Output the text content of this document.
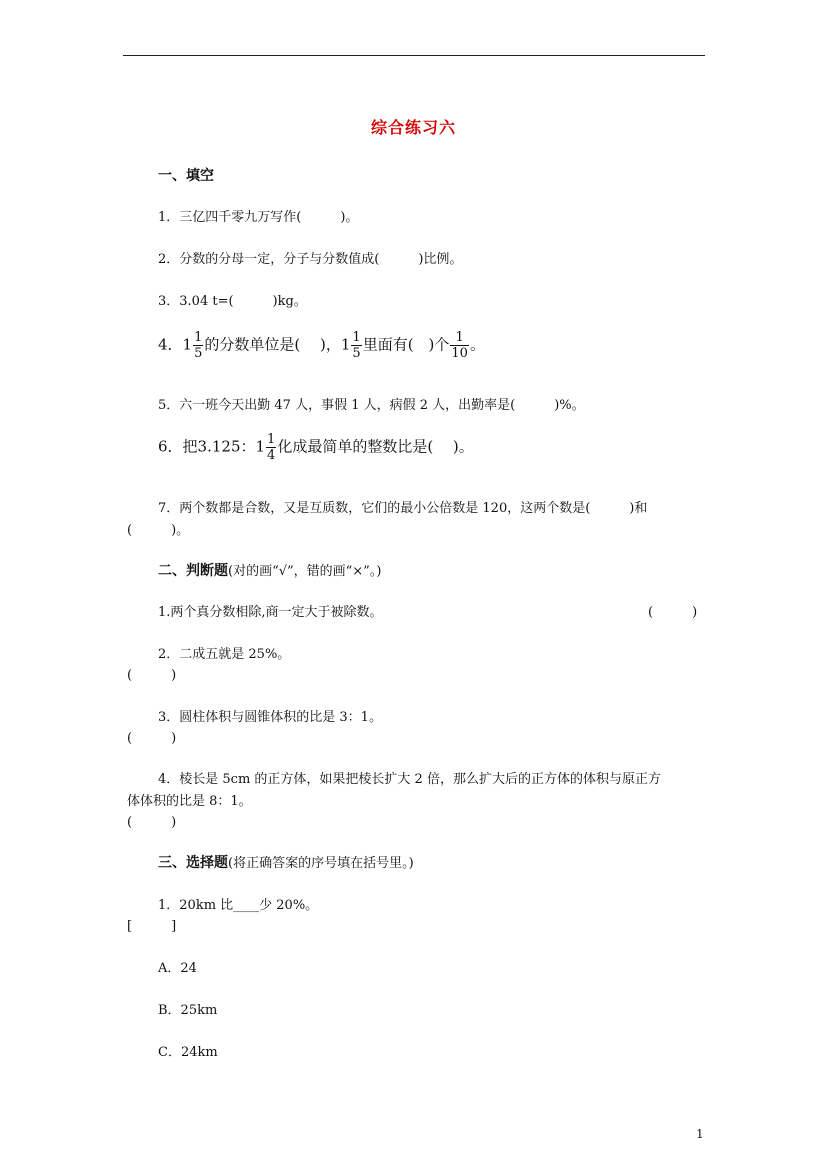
综合练习六
一、填空
1．三亿四千零九万写作(　　　)。
2．分数的分母一定，分子与分数值成(　　　)比例。
3．3.04 t=(　　　)kg。
4．$1 \frac{1}{5}$ 的分数单位是(　 )，$1 \frac{1}{5}$ 里面有(　)个 $\frac{1}{10}$ 。
5．六一班今天出勤 47 人，事假 1 人，病假 2 人，出勤率是(　　　)%。
6．把3.125：$1 \frac{1}{4}$ 化成最简单的整数比是(　 )。
7．两个数都是合数，又是互质数，它们的最小公倍数是 120，这两个数是(　　　)和
(　　　)。
二、判断题(对的画“√”，错的画“×”。)
1.两个真分数相除,商一定大于被除数。	(　　　)
2．二成五就是 25%。
(　　　)
3．圆柱体积与圆锥体积的比是 3：1。
(　　　)
4．棱长是 5cm 的正方体，如果把棱长扩大 2 倍，那么扩大后的正方体的体积与原正方
体体积的比是 8：1。
(　　　)
三、选择题(将正确答案的序号填在括号里。)
1．20km 比____少 20%。
[　　　]
A．24
B．25km
C．24km
1
